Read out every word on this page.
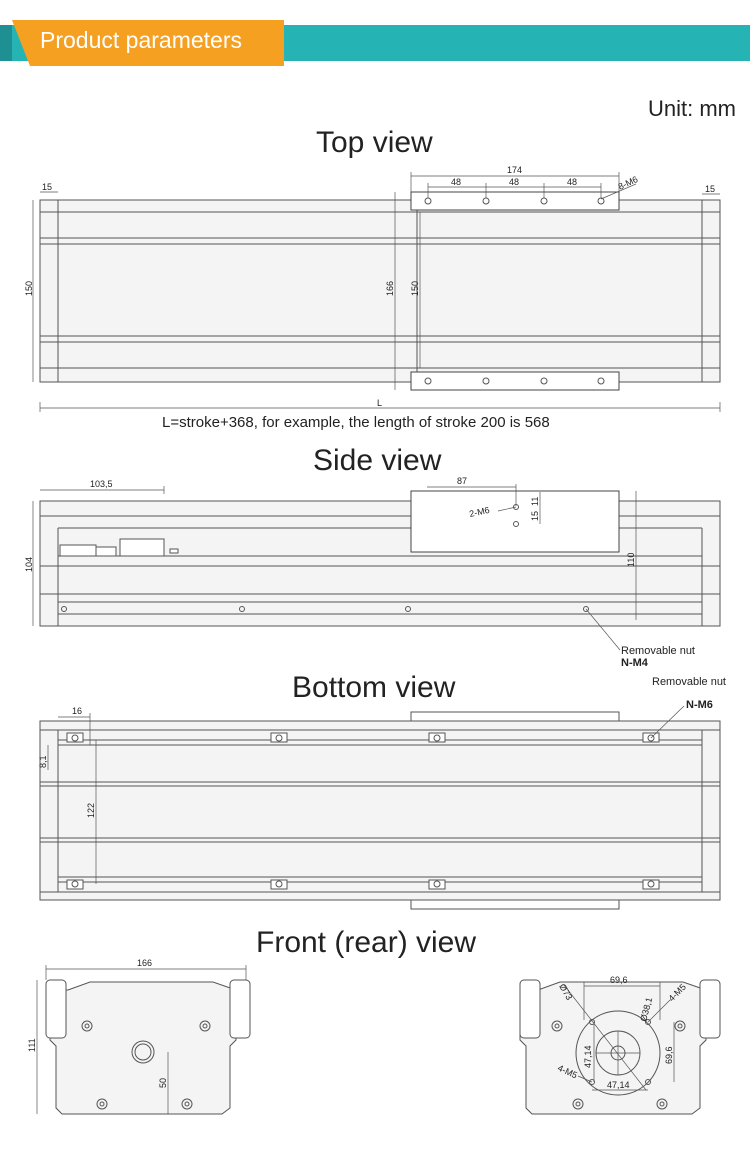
Product parameters
Unit: mm
Top view
L=stroke+368, for example, the length of stroke 200 is 568
Side view
Bottom view
Front (rear) view
15	15
174
48	48	48	8-M6
150	166 150
L
103,5	87
2-M6	15
11
104	110
Removable nut
N-M4
16
8,1
122
Removable nut
N-M6
166
111
50
Ø73
69,6
Ø38,1
4-M5
47,14
4-M5
47,14
69,6
